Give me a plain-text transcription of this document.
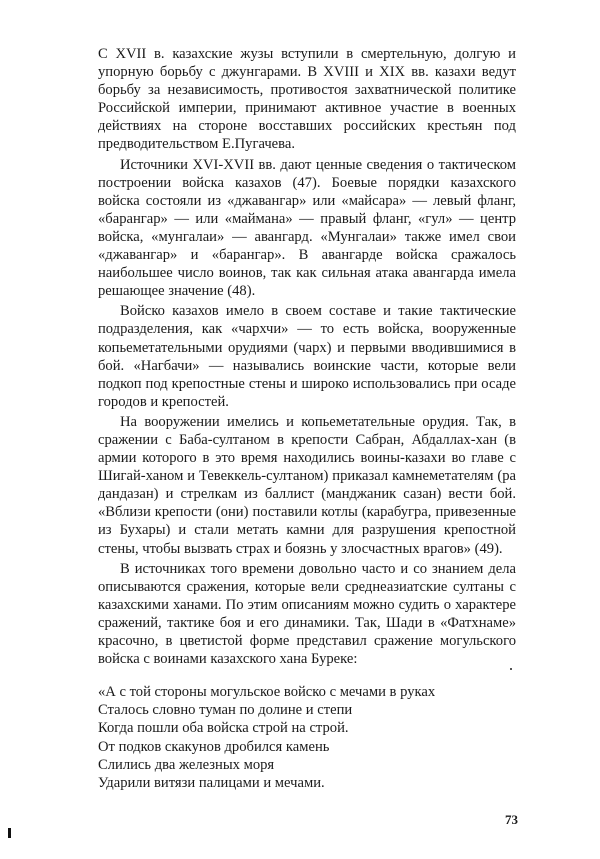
С XVII в. казахские жузы вступили в смертельную, долгую и упорную борьбу с джунгарами. В XVIII и XIX вв. казахи ведут борьбу за независимость, противостоя захватнической политике Российской империи, принимают активное участие в военных действиях на стороне восставших российских крестьян под предводительством Е.Пугачева.

Источники XVI-XVII вв. дают ценные сведения о тактическом построении войска казахов (47). Боевые порядки казахского войска состояли из «джавангар» или «майсара» — левый фланг, «барангар» — или «маймана» — правый фланг, «гул» — центр войска, «мунгалаи» — авангард. «Мунгалаи» также имел свои «джавангар» и «барангар». В авангарде войска сражалось наибольшее число воинов, так как сильная атака авангарда имела решающее значение (48).

Войско казахов имело в своем составе и такие тактические подразделения, как «чархчи» — то есть войска, вооруженные копьеметательными орудиями (чарх) и первыми вводившимися в бой. «Нагбачи» — назывались воинские части, которые вели подкоп под крепостные стены и широко использовались при осаде городов и крепостей.

На вооружении имелись и копьеметательные орудия. Так, в сражении с Баба-султаном в крепости Сабран, Абдаллах-хан (в армии которого в это время находились воины-казахи во главе с Шигай-ханом и Тевеккель-султаном) приказал камнеметателям (ра дандазан) и стрелкам из баллист (манджаник сазан) вести бой. «Вблизи крепости (они) поставили котлы (карабугра, привезенные из Бухары) и стали метать камни для разрушения крепостной стены, чтобы вызвать страх и боязнь у злосчастных врагов» (49).

В источниках того времени довольно часто и со знанием дела описываются сражения, которые вели среднеазиатские султаны с казахскими ханами. По этим описаниям можно судить о характере сражений, тактике боя и его динамики. Так, Шади в «Фатхнаме» красочно, в цветистой форме представил сражение могульского войска с воинами казахского хана Буреке:

«А с той стороны могульское войско с мечами в руках
Сталось словно туман по долине и степи
Когда пошли оба войска строй на строй.
От подков скакунов дробился камень
Слились два железных моря
Ударили витязи палицами и мечами.
73
